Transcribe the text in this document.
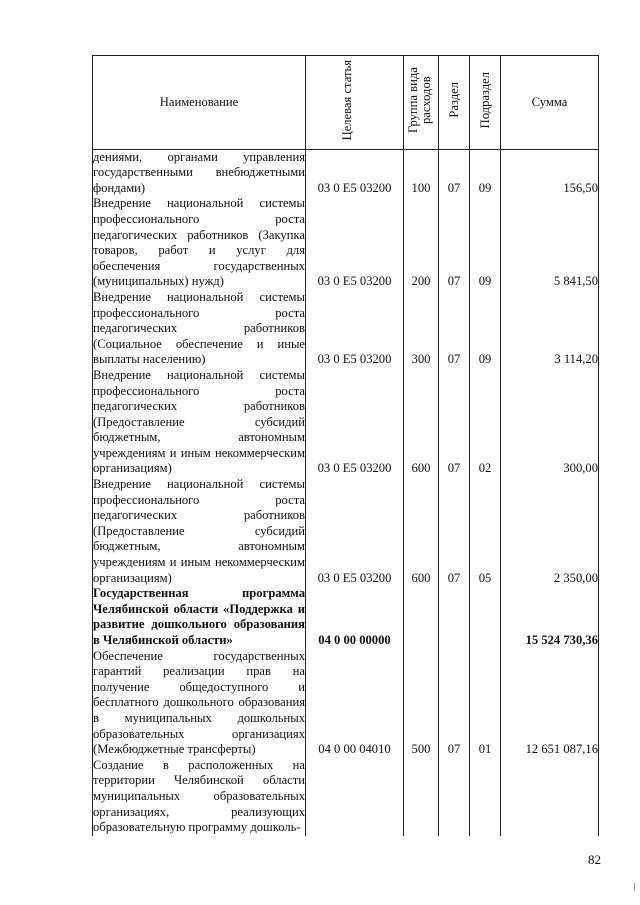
Наименование	Целевая статья	Группа вида расходов	Раздел	Подраздел	Сумма
дениями, органами управления государственными внебюджетными фондами)	03 0 Е5 03200	100	07	09	156,50
Внедрение национальной системы профессионального роста педагогических работников (Закупка товаров, работ и услуг для обеспечения государственных (муниципальных) нужд)	03 0 Е5 03200	200	07	09	5 841,50
Внедрение национальной системы профессионального роста педагогических работников (Социальное обеспечение и иные выплаты населению)	03 0 Е5 03200	300	07	09	3 114,20
Внедрение национальной системы профессионального роста педагогических работников (Предоставление субсидий бюджетным, автономным учреждениям и иным некоммерческим организациям)	03 0 Е5 03200	600	07	02	300,00
Внедрение национальной системы профессионального роста педагогических работников (Предоставление субсидий бюджетным, автономным учреждениям и иным некоммерческим организациям)	03 0 Е5 03200	600	07	05	2 350,00
Государственная программа Челябинской области «Поддержка и развитие дошкольного образования в Челябинской области»	04 0 00 00000				15 524 730,36
Обеспечение государственных гарантий реализации прав на получение общедоступного и бесплатного дошкольного образования в муниципальных дошкольных образовательных организациях (Межбюджетные трансферты)	04 0 00 04010	500	07	01	12 651 087,16
Создание в расположенных на территории Челябинской области муниципальных образовательных организациях, реализующих образовательную программу дошколь-					
82
